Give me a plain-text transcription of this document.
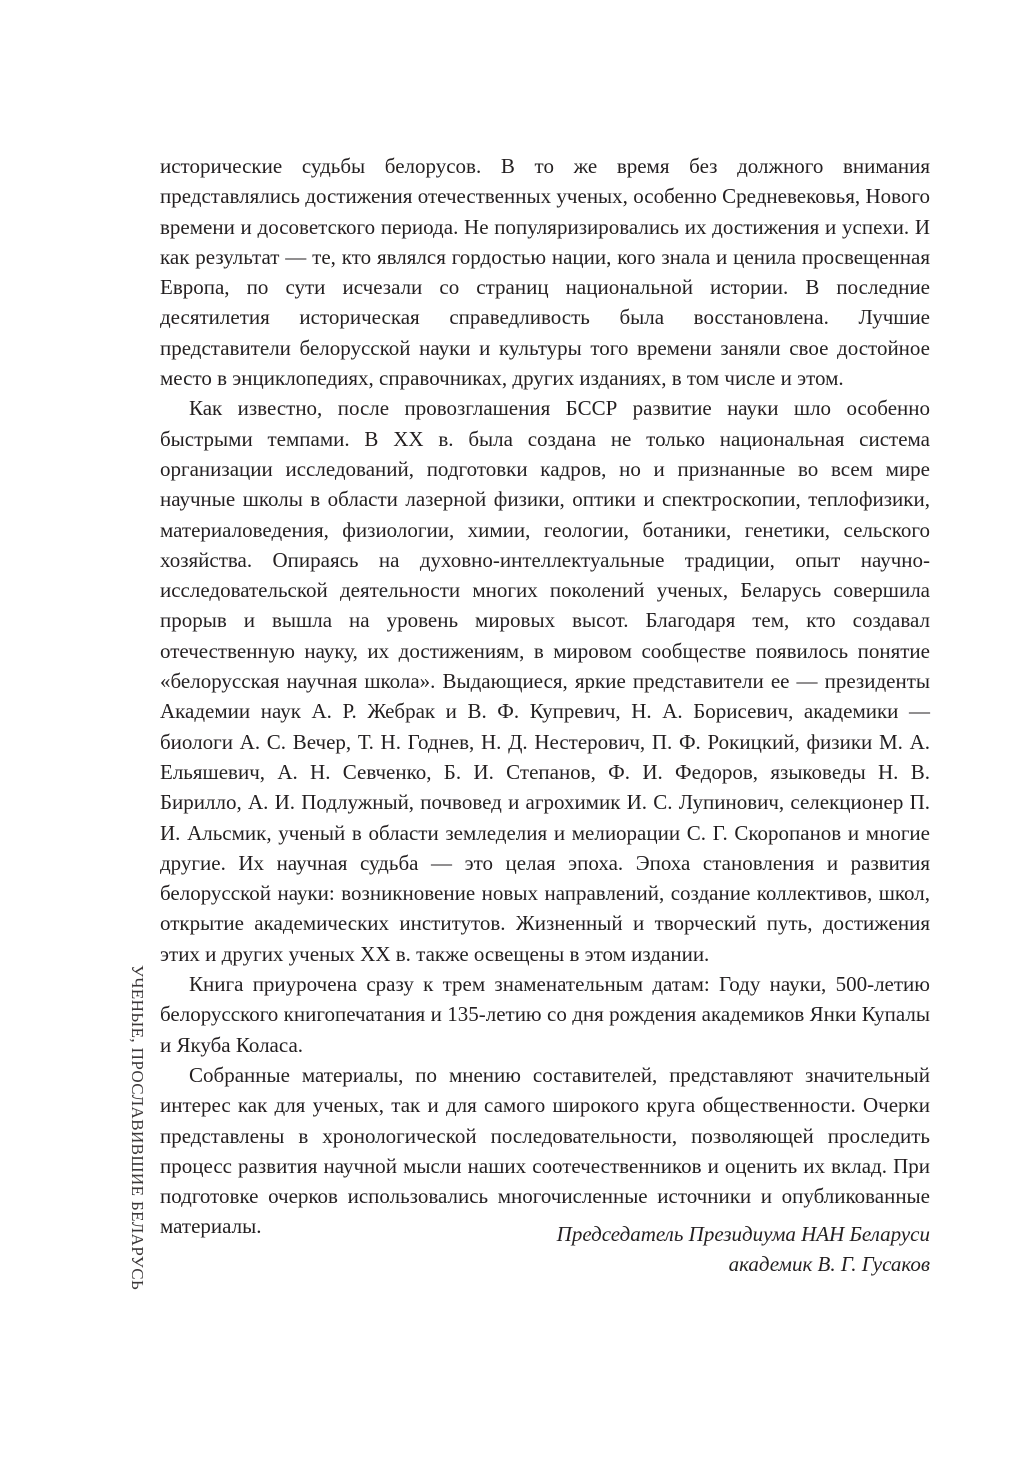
УЧЕНЫЕ, ПРОСЛАВИВШИЕ БЕЛАРУСЬ

исторические судьбы белорусов. В то же время без должного внимания представлялись достижения отечественных ученых, особенно Средневековья, Нового времени и досоветского периода. Не популяризировались их достижения и успехи. И как результат — те, кто являлся гордостью нации, кого знала и ценила просвещенная Европа, по сути исчезали со страниц национальной истории. В последние десятилетия историческая справедливость была восстановлена. Лучшие представители белорусской науки и культуры того времени заняли свое достойное место в энциклопедиях, справочниках, других изданиях, в том числе и этом.

Как известно, после провозглашения БССР развитие науки шло особенно быстрыми темпами. В XX в. была создана не только национальная система организации исследований, подготовки кадров, но и признанные во всем мире научные школы в области лазерной физики, оптики и спектроскопии, теплофизики, материаловедения, физиологии, химии, геологии, ботаники, генетики, сельского хозяйства. Опираясь на духовно-интеллектуальные традиции, опыт научно-исследовательской деятельности многих поколений ученых, Беларусь совершила прорыв и вышла на уровень мировых высот. Благодаря тем, кто создавал отечественную науку, их достижениям, в мировом сообществе появилось понятие «белорусская научная школа». Выдающиеся, яркие представители ее — президенты Академии наук А. Р. Жебрак и В. Ф. Купревич, Н. А. Борисевич, академики — биологи А. С. Вечер, Т. Н. Годнев, Н. Д. Нестерович, П. Ф. Рокицкий, физики М. А. Ельяшевич, А. Н. Севченко, Б. И. Степанов, Ф. И. Федоров, языковеды Н. В. Бирилло, А. И. Подлужный, почвовед и агрохимик И. С. Лупинович, селекционер П. И. Альсмик, ученый в области земледелия и мелиорации С. Г. Скоропанов и многие другие. Их научная судьба — это целая эпоха. Эпоха становления и развития белорусской науки: возникновение новых направлений, создание коллективов, школ, открытие академических институтов. Жизненный и творческий путь, достижения этих и других ученых XX в. также освещены в этом издании.

Книга приурочена сразу к трем знаменательным датам: Году науки, 500-летию белорусского книгопечатания и 135-летию со дня рождения академиков Янки Купалы и Якуба Коласа.

Собранные материалы, по мнению составителей, представляют значительный интерес как для ученых, так и для самого широкого круга общественности. Очерки представлены в хронологической последовательности, позволяющей проследить процесс развития научной мысли наших соотечественников и оценить их вклад. При подготовке очерков использовались многочисленные источники и опубликованные материалы.	Председатель Президиума НАН Беларуси
академик В. Г. Гусаков
